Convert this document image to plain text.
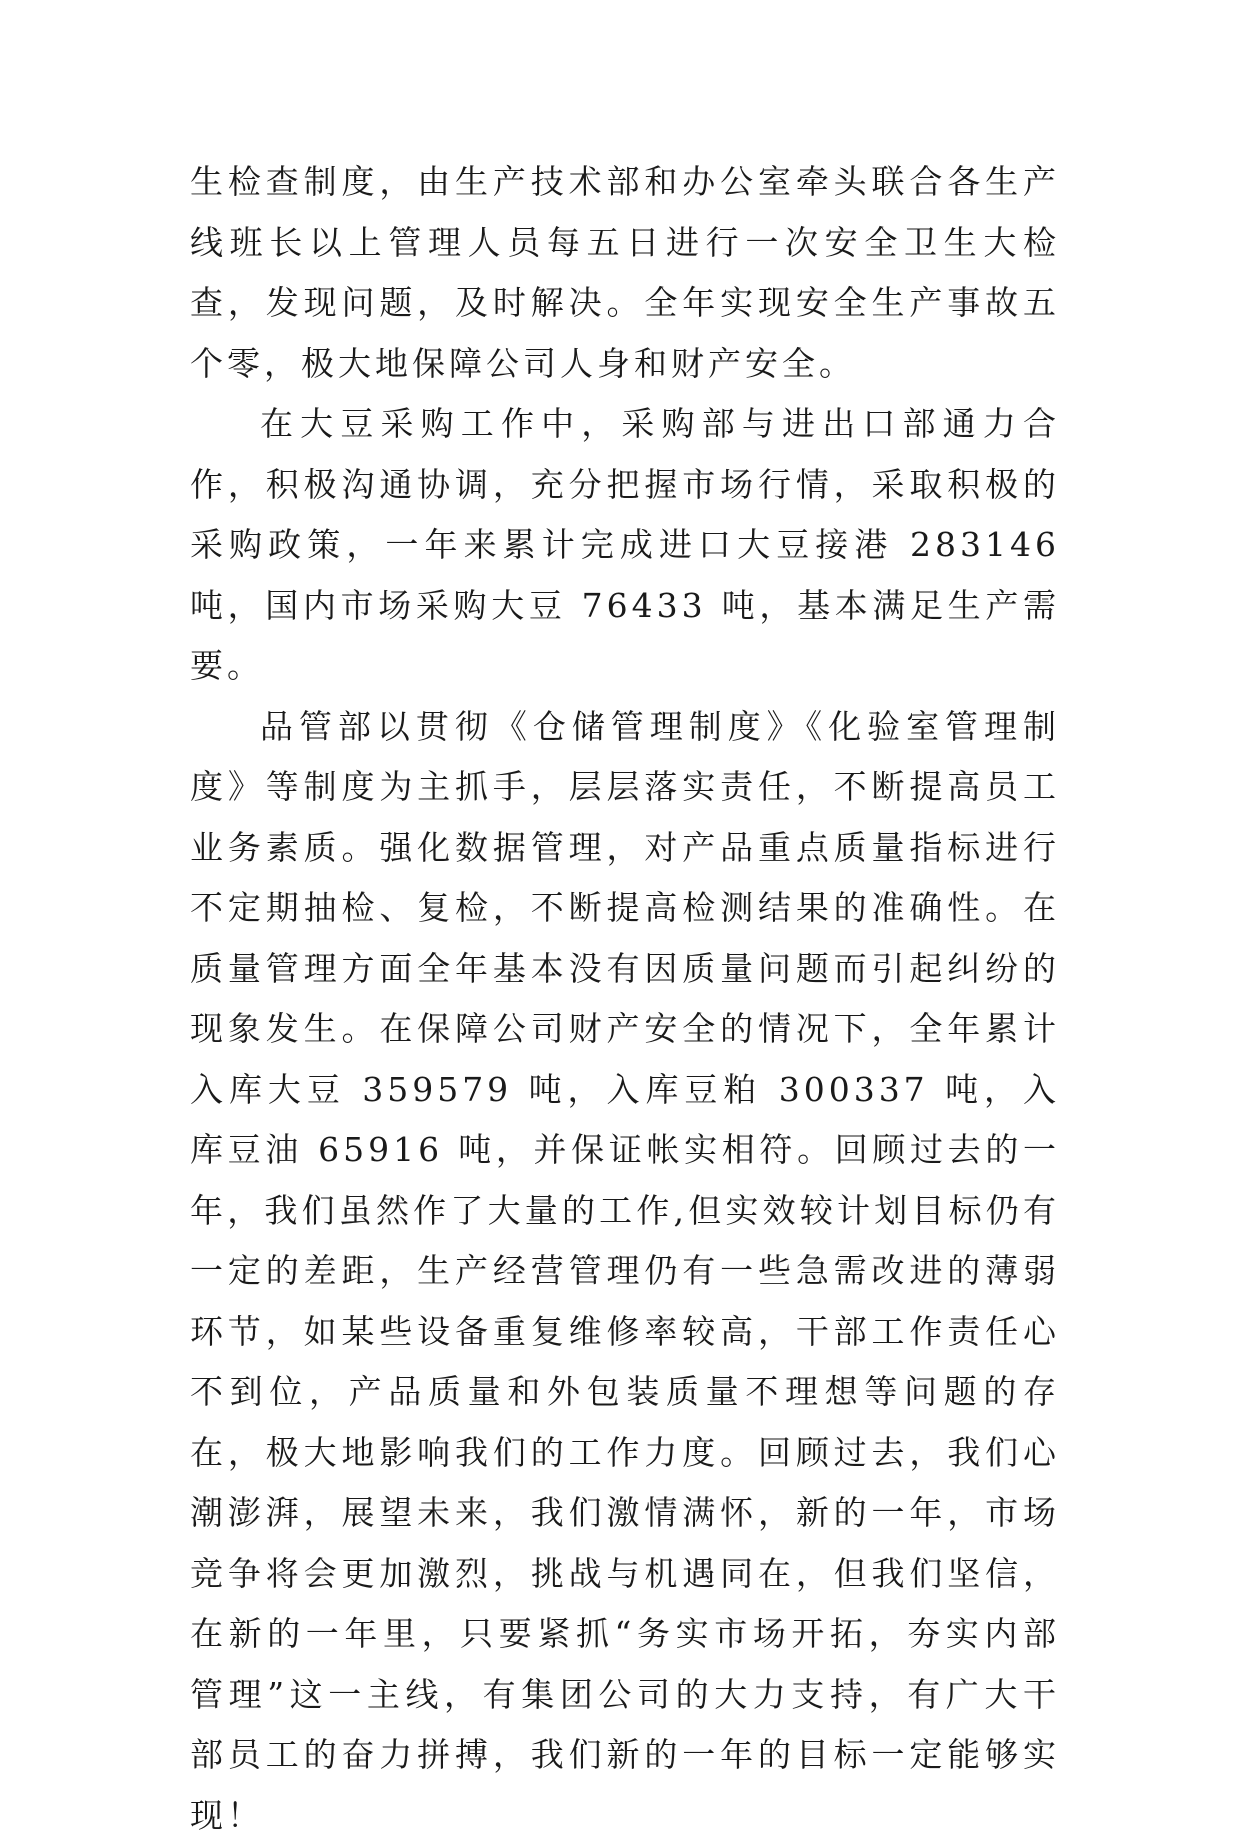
生检查制度，由生产技术部和办公室牵头联合各生产线班长以上管理人员每五日进行一次安全卫生大检查，发现问题，及时解决。全年实现安全生产事故五个零，极大地保障公司人身和财产安全。

在大豆采购工作中，采购部与进出口部通力合作，积极沟通协调，充分把握市场行情，采取积极的采购政策，一年来累计完成进口大豆接港 283146 吨，国内市场采购大豆 76433 吨，基本满足生产需要。

品管部以贯彻《仓储管理制度》《化验室管理制度》等制度为主抓手，层层落实责任，不断提高员工业务素质。强化数据管理，对产品重点质量指标进行不定期抽检、复检，不断提高检测结果的准确性。在质量管理方面全年基本没有因质量问题而引起纠纷的现象发生。在保障公司财产安全的情况下，全年累计入库大豆 359579 吨，入库豆粕 300337 吨，入库豆油 65916 吨，并保证帐实相符。回顾过去的一年，我们虽然作了大量的工作,但实效较计划目标仍有一定的差距，生产经营管理仍有一些急需改进的薄弱环节，如某些设备重复维修率较高，干部工作责任心不到位，产品质量和外包装质量不理想等问题的存在，极大地影响我们的工作力度。回顾过去，我们心潮澎湃，展望未来，我们激情满怀，新的一年，市场竞争将会更加激烈，挑战与机遇同在，但我们坚信，在新的一年里，只要紧抓“务实市场开拓，夯实内部管理”这一主线，有集团公司的大力支持，有广大干部员工的奋力拼搏，我们新的一年的目标一定能够实现！
